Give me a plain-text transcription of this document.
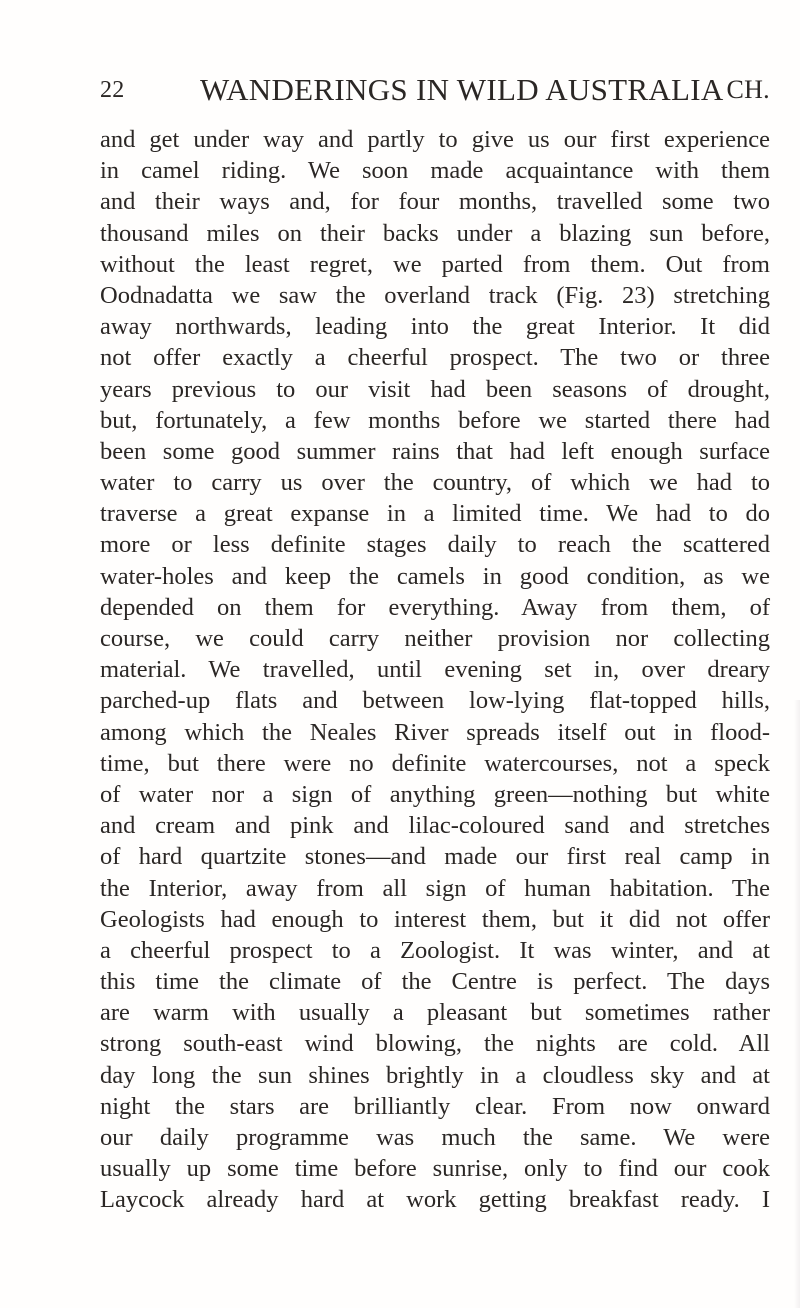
22 WANDERINGS IN WILD AUSTRALIA CH.
and get under way and partly to give us our first experience
in camel riding. We soon made acquaintance with them
and their ways and, for four months, travelled some two
thousand miles on their backs under a blazing sun before,
without the least regret, we parted from them. Out from
Oodnadatta we saw the overland track (Fig. 23) stretching
away northwards, leading into the great Interior. It did
not offer exactly a cheerful prospect. The two or three
years previous to our visit had been seasons of drought,
but, fortunately, a few months before we started there had
been some good summer rains that had left enough surface
water to carry us over the country, of which we had to
traverse a great expanse in a limited time. We had to do
more or less definite stages daily to reach the scattered
water-holes and keep the camels in good condition, as we
depended on them for everything. Away from them, of
course, we could carry neither provision nor collecting
material. We travelled, until evening set in, over dreary
parched-up flats and between low-lying flat-topped hills,
among which the Neales River spreads itself out in flood-
time, but there were no definite watercourses, not a speck
of water nor a sign of anything green—nothing but white
and cream and pink and lilac-coloured sand and stretches
of hard quartzite stones—and made our first real camp in
the Interior, away from all sign of human habitation. The
Geologists had enough to interest them, but it did not offer
a cheerful prospect to a Zoologist. It was winter, and at
this time the climate of the Centre is perfect. The days
are warm with usually a pleasant but sometimes rather
strong south-east wind blowing, the nights are cold. All
day long the sun shines brightly in a cloudless sky and at
night the stars are brilliantly clear. From now onward
our daily programme was much the same. We were
usually up some time before sunrise, only to find our cook
Laycock already hard at work getting breakfast ready. I
